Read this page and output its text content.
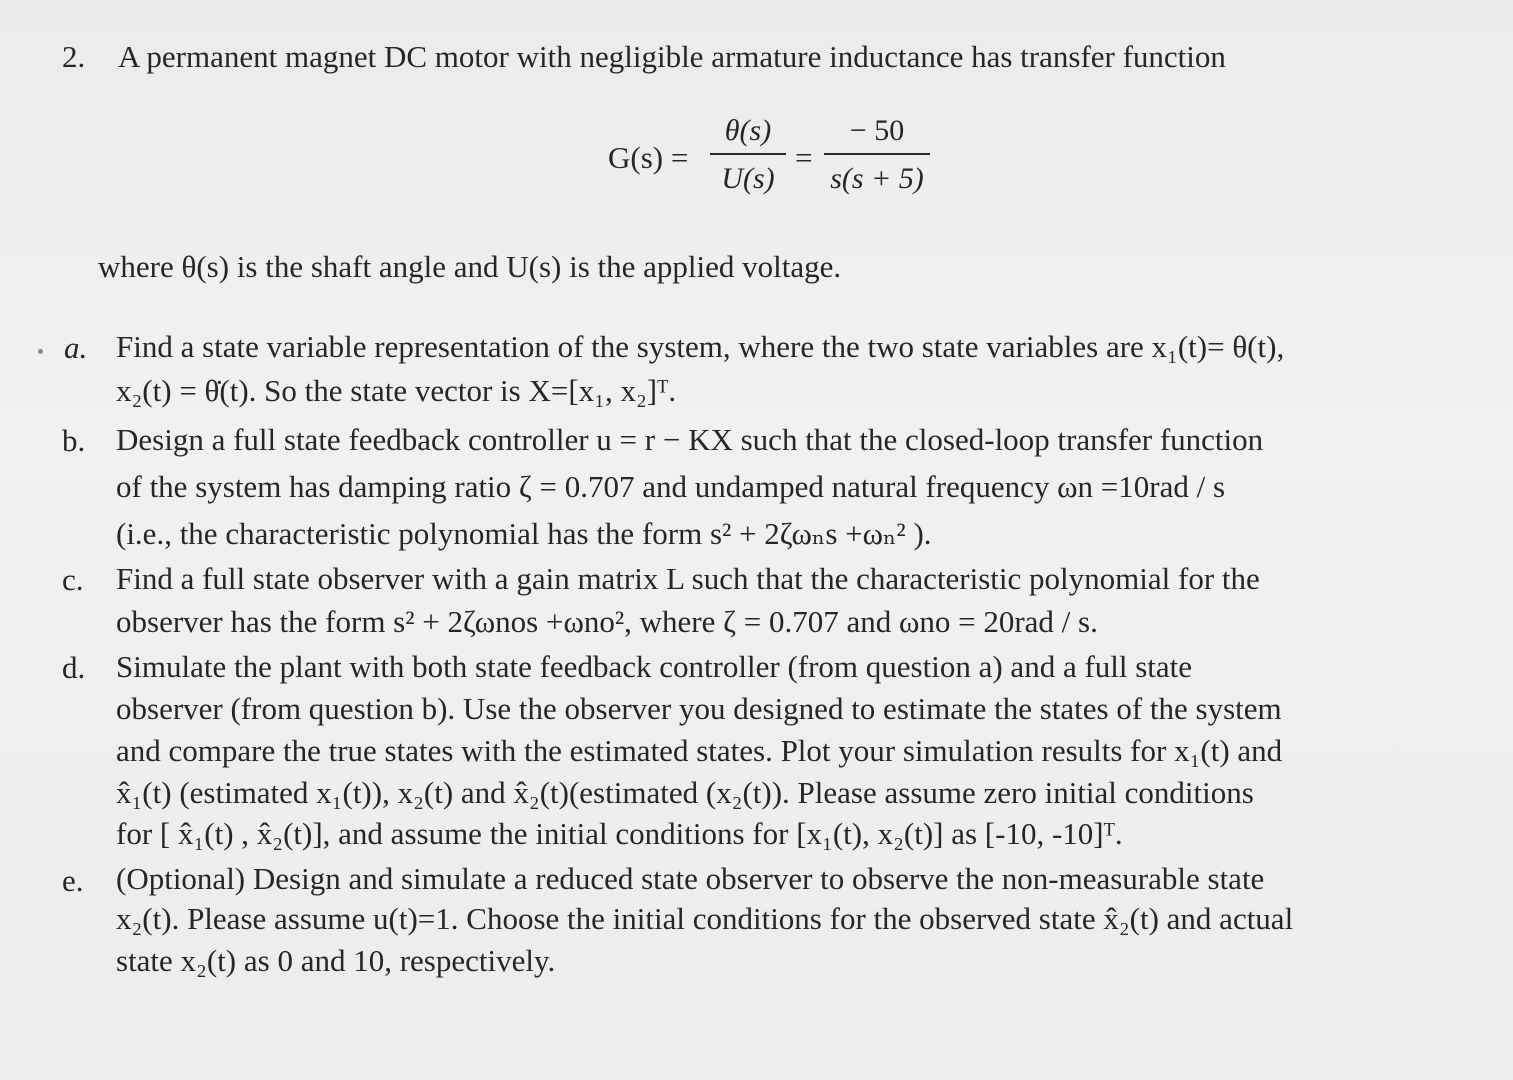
2. A permanent magnet DC motor with negligible armature inductance has transfer function
G(s) =
θ(s)
U(s)
=
− 50
s(s + 5)
where θ(s) is the shaft angle and U(s) is the applied voltage.
a. Find a state variable representation of the system, where the two state variables are x₁(t)= θ(t),
x₂(t) = θ̇(t). So the state vector is X=[x₁, x₂]ᵀ.
b. Design a full state feedback controller u = r − KX such that the closed-loop transfer function
of the system has damping ratio ζ = 0.707 and undamped natural frequency ωn =10rad / s
(i.e., the characteristic polynomial has the form s² + 2ζωₙs +ωₙ² ).
c. Find a full state observer with a gain matrix L such that the characteristic polynomial for the
observer has the form s² + 2ζωnos +ωno², where ζ = 0.707 and ωno = 20rad / s.
d. Simulate the plant with both state feedback controller (from question a) and a full state
observer (from question b). Use the observer you designed to estimate the states of the system
and compare the true states with the estimated states. Plot your simulation results for x₁(t) and
x̂₁(t) (estimated x₁(t)), x₂(t) and x̂₂(t)(estimated (x₂(t)). Please assume zero initial conditions
for [ x̂₁(t) , x̂₂(t)], and assume the initial conditions for [x₁(t), x₂(t)] as [-10, -10]ᵀ.
e. (Optional) Design and simulate a reduced state observer to observe the non-measurable state
x₂(t). Please assume u(t)=1. Choose the initial conditions for the observed state x̂₂(t) and actual
state x₂(t) as 0 and 10, respectively.
